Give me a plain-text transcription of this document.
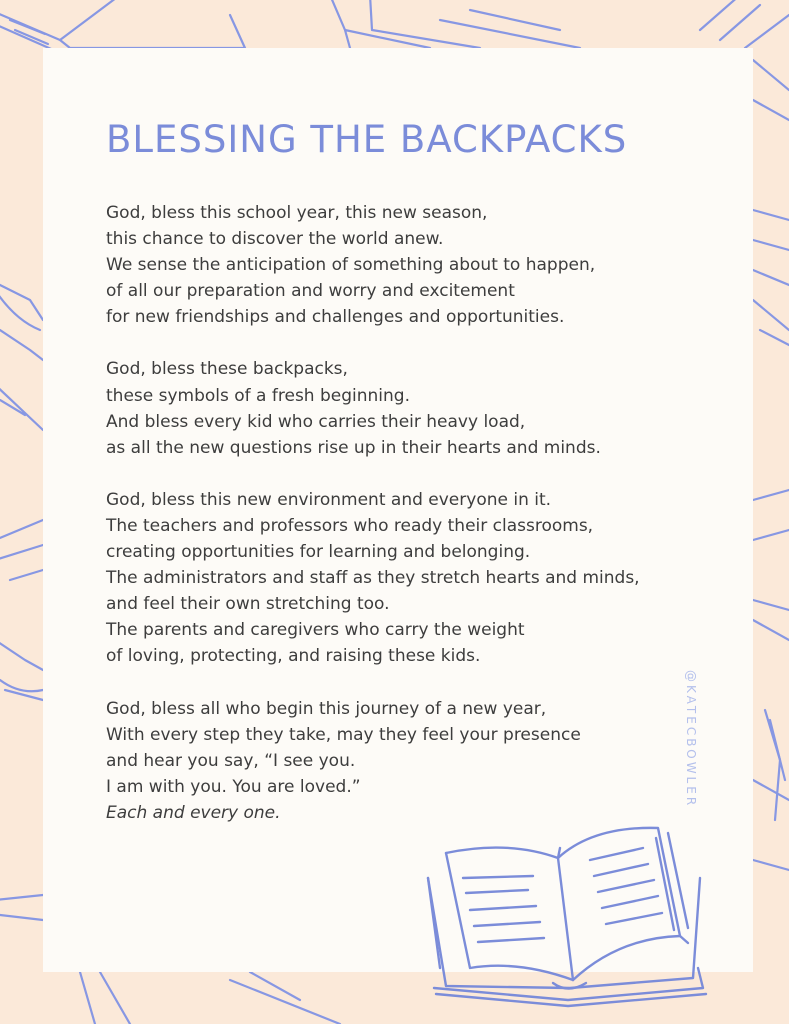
BLESSING THE BACKPACKS

God, bless this school year, this new season,
this chance to discover the world anew.
We sense the anticipation of something about to happen,
of all our preparation and worry and excitement
for new friendships and challenges and opportunities.

God, bless these backpacks,
these symbols of a fresh beginning.
And bless every kid who carries their heavy load,
as all the new questions rise up in their hearts and minds.

God, bless this new environment and everyone in it.
The teachers and professors who ready their classrooms,
creating opportunities for learning and belonging.
The administrators and staff as they stretch hearts and minds,
and feel their own stretching too.
The parents and caregivers who carry the weight
of loving, protecting, and raising these kids.

God, bless all who begin this journey of a new year,
With every step they take, may they feel your presence
and hear you say, “I see you.
I am with you. You are loved.”
Each and every one.

@KATECBOWLER
